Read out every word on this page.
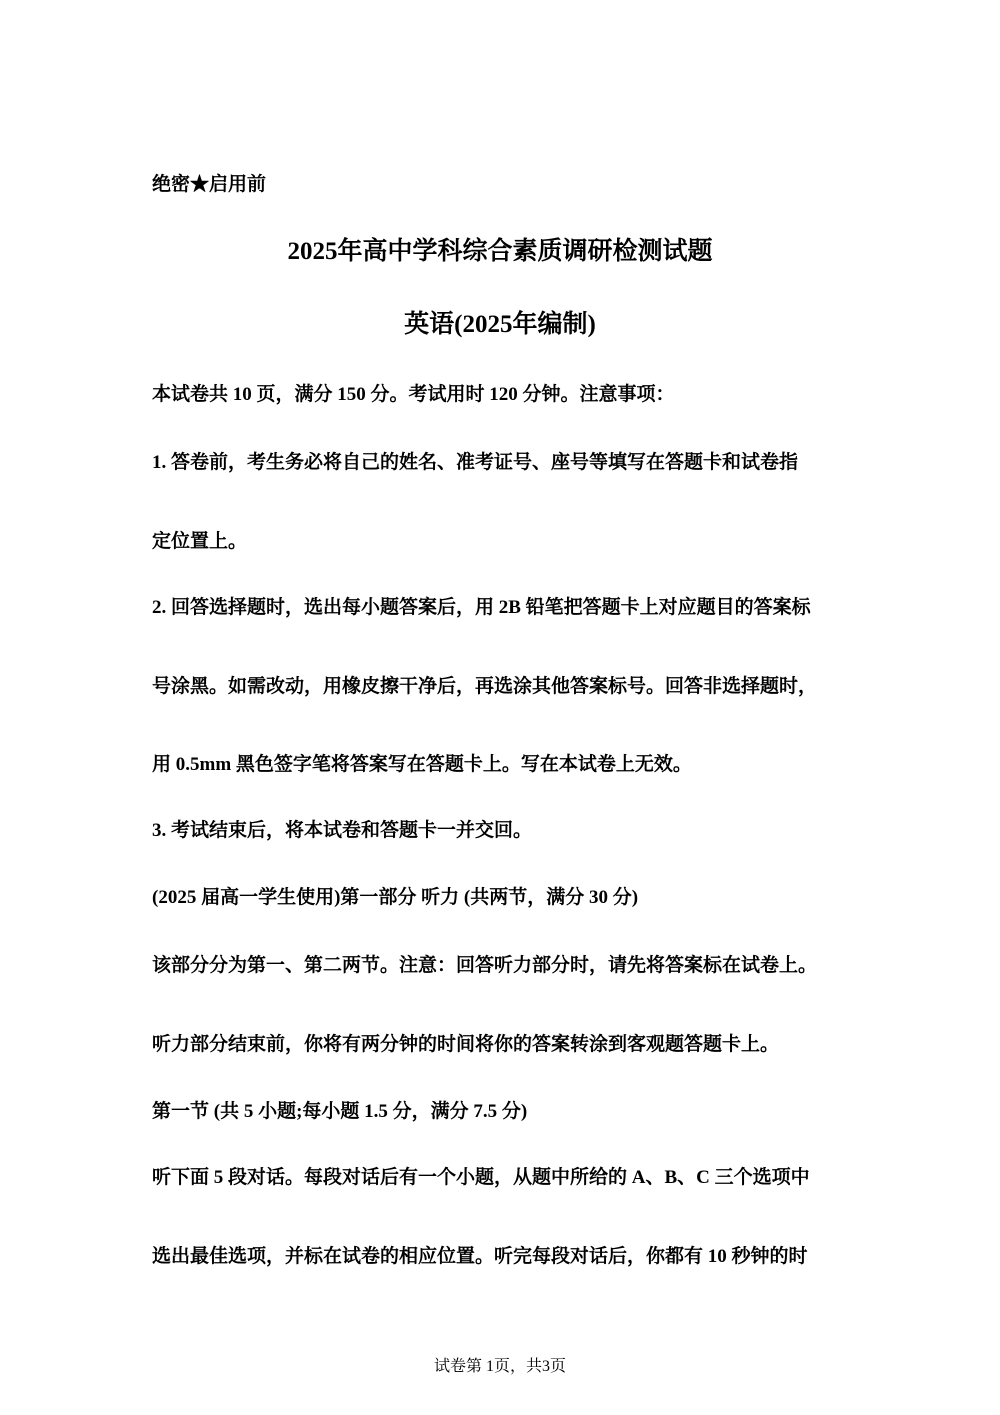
绝密★启用前
2025年高中学科综合素质调研检测试题
英语(2025年编制)
本试卷共 10 页，满分 150 分。考试用时 120 分钟。注意事项：
1. 答卷前，考生务必将自己的姓名、准考证号、座号等填写在答题卡和试卷指
定位置上。
2. 回答选择题时，选出每小题答案后，用 2B 铅笔把答题卡上对应题目的答案标
号涂黑。如需改动，用橡皮擦干净后，再选涂其他答案标号。回答非选择题时，
用 0.5mm 黑色签字笔将答案写在答题卡上。写在本试卷上无效。
3. 考试结束后，将本试卷和答题卡一并交回。
(2025 届高一学生使用)第一部分 听力 (共两节，满分 30 分)
该部分分为第一、第二两节。注意：回答听力部分时，请先将答案标在试卷上。
听力部分结束前，你将有两分钟的时间将你的答案转涂到客观题答题卡上。
第一节 (共 5 小题;每小题 1.5 分，满分 7.5 分)
听下面 5 段对话。每段对话后有一个小题，从题中所给的 A、B、C 三个选项中
选出最佳选项，并标在试卷的相应位置。听完每段对话后，你都有 10 秒钟的时
试卷第 1页，共3页
